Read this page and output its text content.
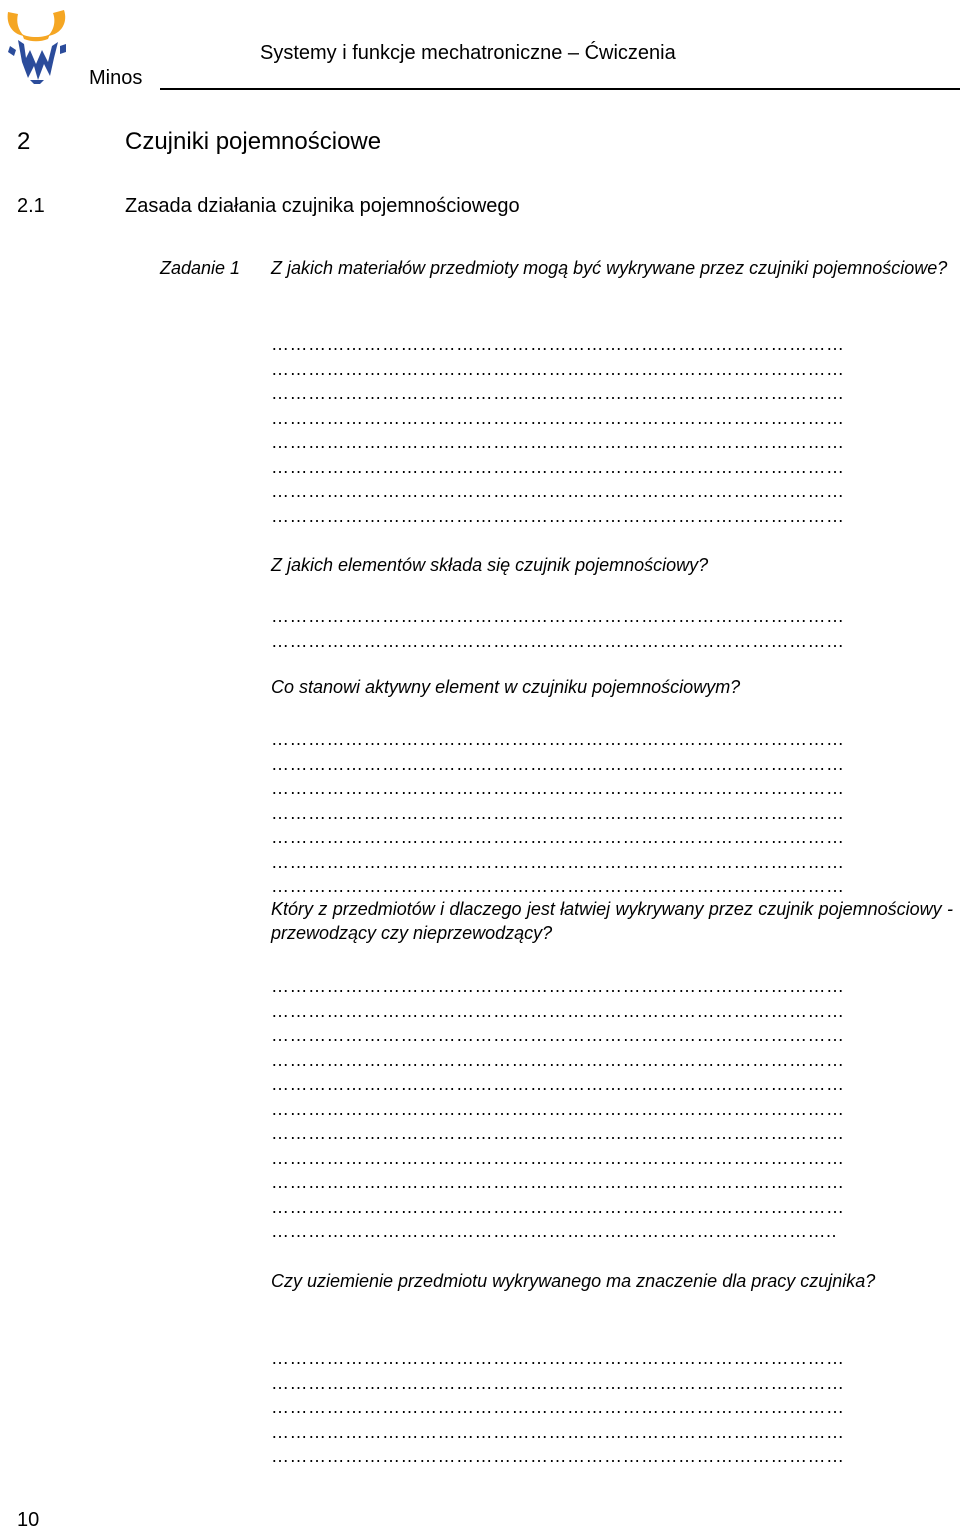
Minos
Systemy i funkcje mechatroniczne – Ćwiczenia
2	Czujniki pojemnościowe
2.1	Zasada działania czujnika pojemnościowego
Zadanie 1 Z jakich materiałów przedmioty mogą być wykrywane przez czujniki pojemnościowe?
…………………………………………………………………………………
…………………………………………………………………………………
…………………………………………………………………………………
…………………………………………………………………………………
…………………………………………………………………………………
…………………………………………………………………………………
…………………………………………………………………………………
…………………………………………………………………………………
Z jakich elementów składa się czujnik pojemnościowy?
…………………………………………………………………………………
…………………………………………………………………………………
Co stanowi aktywny element w czujniku pojemnościowym?
…………………………………………………………………………………
…………………………………………………………………………………
…………………………………………………………………………………
…………………………………………………………………………………
…………………………………………………………………………………
…………………………………………………………………………………
…………………………………………………………………………………
Który z przedmiotów i dlaczego jest łatwiej wykrywany przez czujnik pojemnościowy - przewodzący czy nieprzewodzący?
…………………………………………………………………………………
…………………………………………………………………………………
…………………………………………………………………………………
…………………………………………………………………………………
…………………………………………………………………………………
…………………………………………………………………………………
…………………………………………………………………………………
…………………………………………………………………………………
…………………………………………………………………………………
…………………………………………………………………………………
………………………………………………………………………………..
Czy uziemienie przedmiotu wykrywanego ma znaczenie dla pracy czujnika?
…………………………………………………………………………………
…………………………………………………………………………………
…………………………………………………………………………………
…………………………………………………………………………………
…………………………………………………………………………………
10
